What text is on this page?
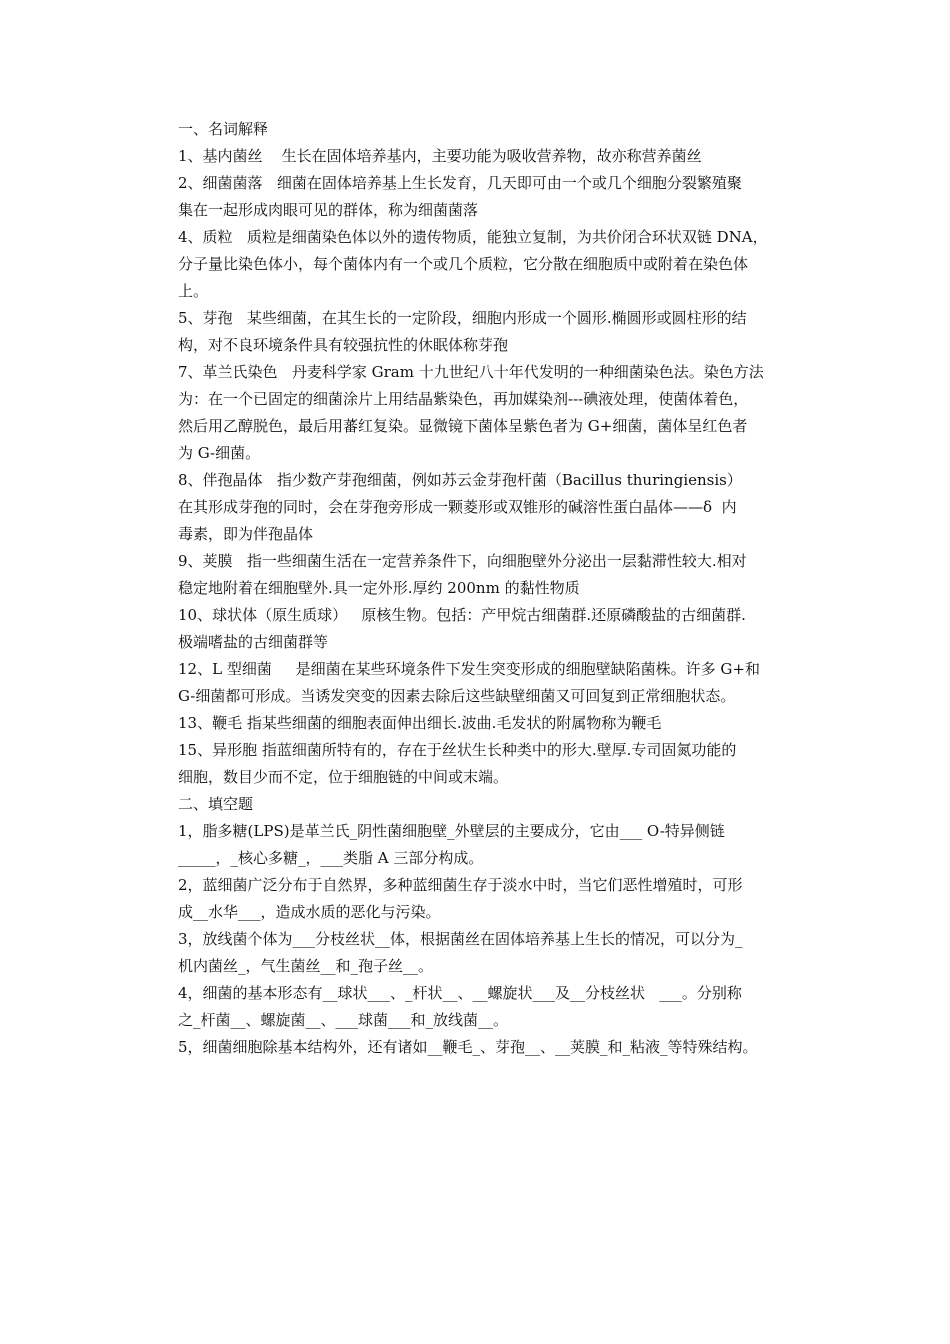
一、名词解释
1、基内菌丝    生长在固体培养基内，主要功能为吸收营养物，故亦称营养菌丝
2、细菌菌落   细菌在固体培养基上生长发育，几天即可由一个或几个细胞分裂繁殖聚
集在一起形成肉眼可见的群体，称为细菌菌落
4、质粒   质粒是细菌染色体以外的遗传物质，能独立复制，为共价闭合环状双链 DNA，
分子量比染色体小，每个菌体内有一个或几个质粒，它分散在细胞质中或附着在染色体
上。
5、芽孢   某些细菌，在其生长的一定阶段，细胞内形成一个圆形.椭圆形或圆柱形的结
构，对不良环境条件具有较强抗性的休眠体称芽孢
7、革兰氏染色   丹麦科学家 Gram 十九世纪八十年代发明的一种细菌染色法。染色方法
为：在一个已固定的细菌涂片上用结晶紫染色，再加媒染剂---碘液处理，使菌体着色，
然后用乙醇脱色，最后用蕃红复染。显微镜下菌体呈紫色者为 G+细菌，菌体呈红色者
为 G-细菌。
8、伴孢晶体   指少数产芽孢细菌，例如苏云金芽孢杆菌（Bacillus thuringiensis）
在其形成芽孢的同时，会在芽孢旁形成一颗菱形或双锥形的碱溶性蛋白晶体——δ  内
毒素，即为伴孢晶体
9、荚膜   指一些细菌生活在一定营养条件下，向细胞壁外分泌出一层黏滞性较大.相对
稳定地附着在细胞壁外.具一定外形.厚约 200nm 的黏性物质
10、球状体（原生质球）   原核生物。包括：产甲烷古细菌群.还原磷酸盐的古细菌群.
极端嗜盐的古细菌群等
12、L 型细菌     是细菌在某些环境条件下发生突变形成的细胞壁缺陷菌株。许多 G+和
G-细菌都可形成。当诱发突变的因素去除后这些缺壁细菌又可回复到正常细胞状态。
13、鞭毛 指某些细菌的细胞表面伸出细长.波曲.毛发状的附属物称为鞭毛
15、异形胞 指蓝细菌所特有的，存在于丝状生长种类中的形大.壁厚.专司固氮功能的
细胞，数目少而不定，位于细胞链的中间或末端。
二、填空题
1，脂多糖(LPS)是革兰氏_阴性菌细胞壁_外壁层的主要成分，它由___ O-特异侧链
_____，_核心多糖_，___类脂 A 三部分构成。
2，蓝细菌广泛分布于自然界，多种蓝细菌生存于淡水中时，当它们恶性增殖时，可形
成__水华___，造成水质的恶化与污染。
3，放线菌个体为___分枝丝状__体，根据菌丝在固体培养基上生长的情况，可以分为_
机内菌丝_，气生菌丝__和_孢子丝__。
4，细菌的基本形态有__球状___、_杆状__、__螺旋状___及__分枝丝状   ___。分别称
之_杆菌__、螺旋菌__、___球菌___和_放线菌__。
5，细菌细胞除基本结构外，还有诸如__鞭毛_、芽孢__、__荚膜_和_粘液_等特殊结构。
